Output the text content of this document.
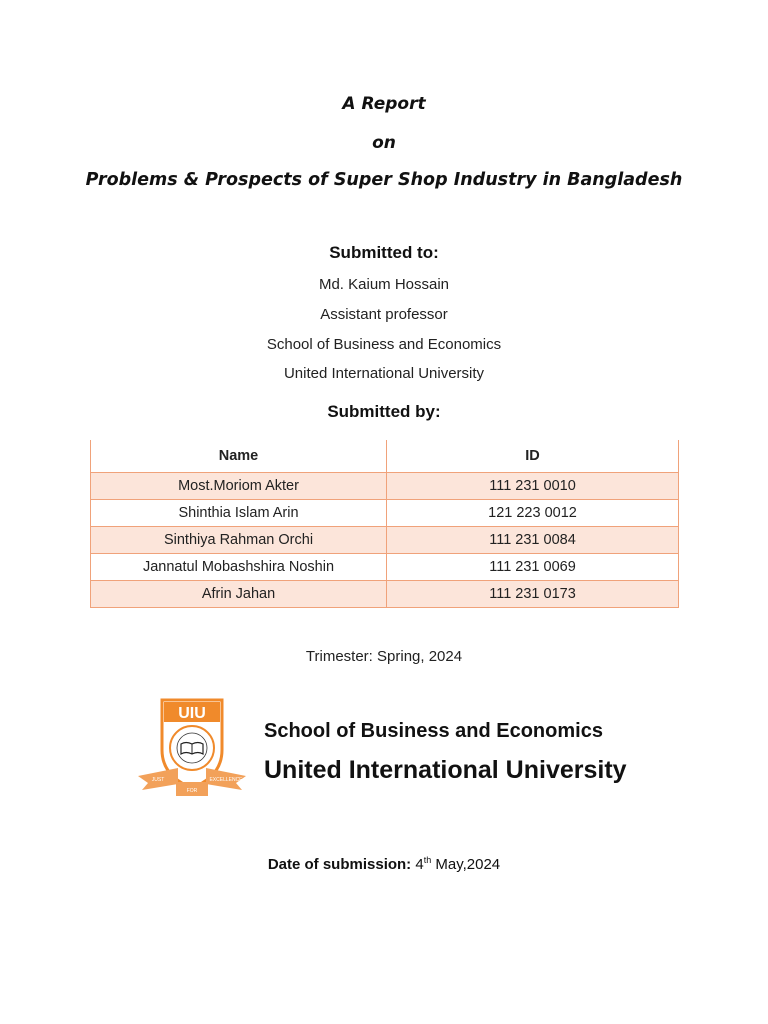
A Report
on
Problems & Prospects of Super Shop Industry in Bangladesh
Submitted to:
Md. Kaium Hossain
Assistant professor
School of Business and Economics
United International University
Submitted by:
Name	ID
Most.Moriom Akter	111 231 0010
Shinthia Islam Arin	121 223 0012
Sinthiya Rahman Orchi	111 231 0084
Jannatul Mobashshira Noshin	111 231 0069
Afrin Jahan	111 231 0173
Trimester: Spring, 2024
UIU
JUST	EXCELLENCE
FOR
School of Business and Economics
United International University
Date of submission: 4th May,2024
